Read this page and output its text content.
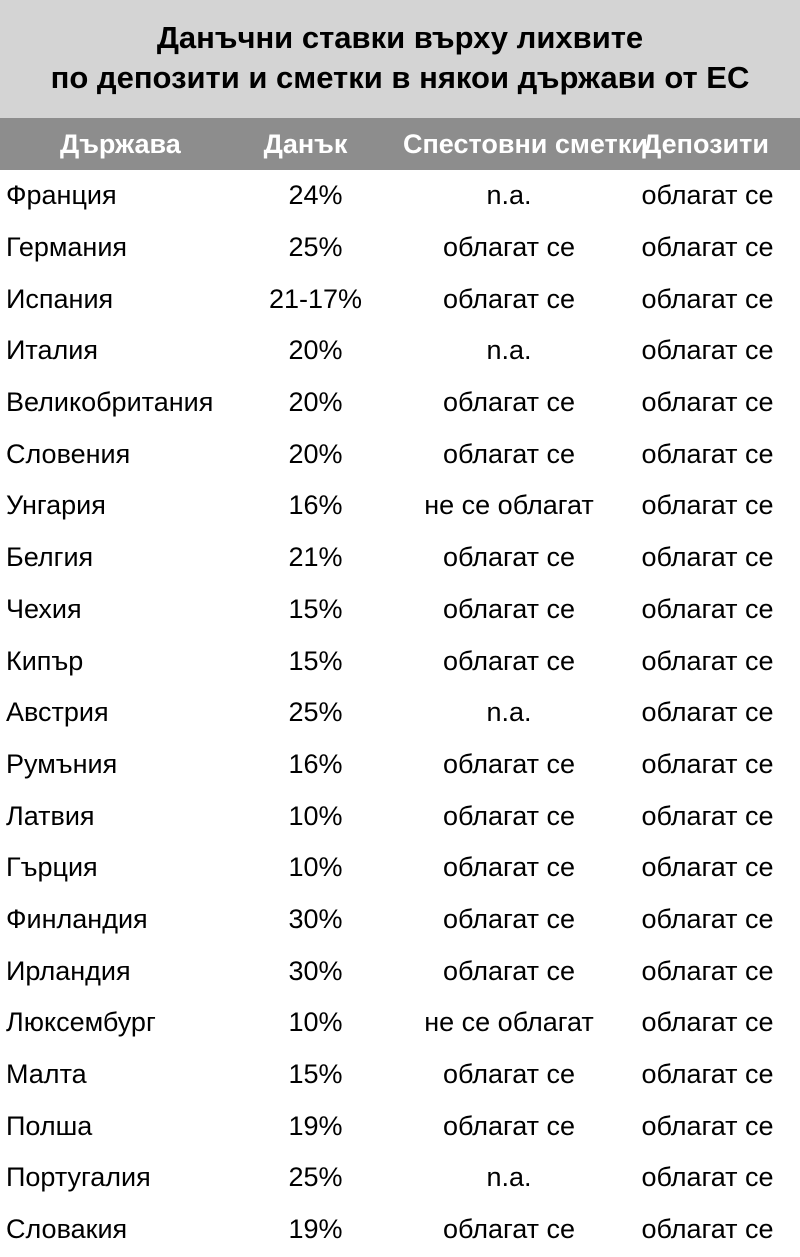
Данъчни ставки върху лихвите
по депозити и сметки в някои държави от ЕС
Държава	Данък	Спестовни сметки	Депозити
Франция	24%	n.a.	облагат се
Германия	25%	облагат се	облагат се
Испания	21-17%	облагат се	облагат се
Италия	20%	n.a.	облагат се
Великобритания	20%	облагат се	облагат се
Словения	20%	облагат се	облагат се
Унгария	16%	не се облагат	облагат се
Белгия	21%	облагат се	облагат се
Чехия	15%	облагат се	облагат се
Кипър	15%	облагат се	облагат се
Австрия	25%	n.a.	облагат се
Румъния	16%	облагат се	облагат се
Латвия	10%	облагат се	облагат се
Гърция	10%	облагат се	облагат се
Финландия	30%	облагат се	облагат се
Ирландия	30%	облагат се	облагат се
Люксембург	10%	не се облагат	облагат се
Малта	15%	облагат се	облагат се
Полша	19%	облагат се	облагат се
Португалия	25%	n.a.	облагат се
Словакия	19%	облагат се	облагат се
